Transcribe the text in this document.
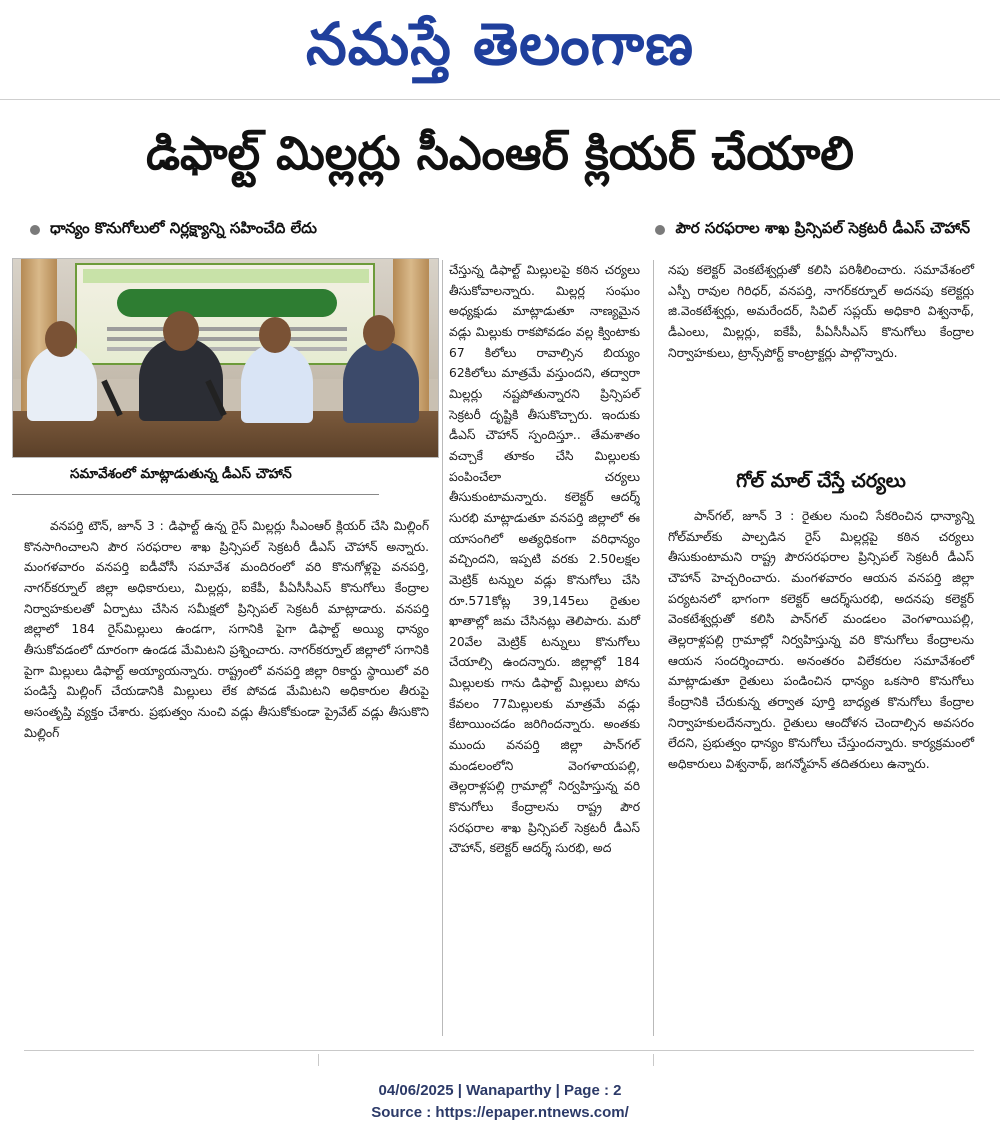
నమస్తే తెలంగాణ
డిఫాల్ట్ మిల్లర్లు సీఎంఆర్ క్లియర్ చేయాలి
ధాన్యం కొనుగోలులో నిర్లక్ష్యాన్ని సహించేది లేదు	పౌర సరఫరాల శాఖ ప్రిన్సిపల్ సెక్రటరీ డీఎస్ చౌహాన్
సమావేశంలో మాట్లాడుతున్న డీఎస్ చౌహాన్

వనపర్తి టౌన్, జూన్ 3 : డిఫాల్ట్ ఉన్న రైస్ మిల్లర్లు సీఎంఆర్ క్లియర్ చేసి మిల్లింగ్ కొనసాగించాలని పౌర సరఫరాల శాఖ ప్రిన్సిపల్ సెక్రటరీ డీఎస్ చౌహాన్ అన్నారు. మంగళవారం వనపర్తి ఐడీవోసీ సమావేశ మందిరంలో వరి కొనుగోళ్లపై వనపర్తి, నాగర్‌కర్నూల్ జిల్లా అధికారులు, మిల్లర్లు, ఐకేపీ, పీఏసీసీఎస్ కొనుగోలు కేంద్రాల నిర్వాహకులతో ఏర్పాటు చేసిన సమీక్షలో ప్రిన్సిపల్ సెక్రటరీ మాట్లాడారు. వనపర్తి జిల్లాలో 184 రైస్‌మిల్లులు ఉండగా, సగానికి పైగా డిఫాల్ట్ అయ్యి ధాన్యం తీసుకోవడంలో దూరంగా ఉండడ మేమిటని ప్రశ్నించారు. నాగర్‌కర్నూల్ జిల్లాలో సగానికి పైగా మిల్లులు డిఫాల్ట్ అయ్యాయన్నారు. రాష్ట్రంలో వనపర్తి జిల్లా రికార్డు స్థాయిలో వరి పండిస్తే మిల్లింగ్ చేయడానికి మిల్లులు లేక పోవడ మేమిటని అధికారుల తీరుపై అసంతృప్తి వ్యక్తం చేశారు. ప్రభుత్వం నుంచి వడ్లు తీసుకోకుండా ప్రైవేట్ వడ్లు తీసుకొని మిల్లింగ్

చేస్తున్న డిఫాల్ట్ మిల్లులపై కఠిన చర్యలు తీసుకోవాలన్నారు. మిల్లర్ల సంఘం అధ్యక్షుడు మాట్లాడుతూ నాణ్యమైన వడ్లు మిల్లుకు రాకపోవడం వల్ల క్వింటాకు 67 కిలోలు రావాల్సిన బియ్యం 62కిలోలు మాత్రమే వస్తుందని, తద్వారా మిల్లర్లు నష్టపోతున్నారని ప్రిన్సిపల్ సెక్రటరీ దృష్టికి తీసుకొచ్చారు. ఇందుకు డీఎస్ చౌహాన్ స్పందిస్తూ.. తేమశాతం వచ్చాకే తూకం చేసి మిల్లులకు పంపించేలా చర్యలు తీసుకుంటామన్నారు. కలెక్టర్ ఆదర్శ్ సురభి మాట్లాడుతూ వనపర్తి జిల్లాలో ఈ యాసంగిలో అత్యధికంగా వరిధాన్యం వచ్చిందని, ఇప్పటి వరకు 2.50లక్షల మెట్రిక్ టన్నుల వడ్లు కొనుగోలు చేసి రూ.571కోట్ల 39,145లు రైతుల ఖాతాల్లో జమ చేసినట్లు తెలిపారు. మరో 20వేల మెట్రిక్ టన్నులు కొనుగోలు చేయాల్సి ఉందన్నారు. జిల్లాల్లో 184 మిల్లులకు గాను డిఫాల్ట్ మిల్లులు పోను కేవలం 77మిల్లులకు మాత్రమే వడ్లు కేటాయించడం జరిగిందన్నారు. అంతకు ముందు వనపర్తి జిల్లా పాన్‌గల్ మండలంలోని వెంగళాయపల్లి, తెల్లరాళ్లపల్లి గ్రామాల్లో నిర్వహిస్తున్న వరి కొనుగోలు కేంద్రాలను రాష్ట్ర పౌర సరఫరాల శాఖ ప్రిన్సిపల్ సెక్రటరీ డీఎస్ చౌహాన్, కలెక్టర్ ఆదర్శ్ సురభి, అద
నపు కలెక్టర్ వెంకటేశ్వర్లుతో కలిసి పరిశీలించారు. సమావేశంలో ఎస్పీ రావుల గిరిధర్, వనపర్తి, నాగర్‌కర్నూల్ అదనపు కలెక్టర్లు జి.వెంకటేశ్వర్లు, అమరేందర్, సివిల్ సప్లయ్ అధికారి విశ్వనాథ్, డీఎంలు, మిల్లర్లు, ఐకేపీ, పీఏసీసీఎస్ కొనుగోలు కేంద్రాల నిర్వాహకులు, ట్రాన్స్‌పోర్ట్ కాంట్రాక్టర్లు పాల్గొన్నారు.
గోల్ మాల్ చేస్తే చర్యలు

పాన్‌గల్, జూన్ 3 : రైతుల నుంచి సేకరించిన ధాన్యాన్ని గోల్‌మాల్‌కు పాల్పడిన రైస్ మిల్లర్లపై కఠిన చర్యలు తీసుకుంటామని రాష్ట్ర పౌరసరఫరాల ప్రిన్సిపల్ సెక్రటరీ డీఎస్ చౌహాన్ హెచ్చరించారు. మంగళవారం ఆయన వనపర్తి జిల్లా పర్యటనలో భాగంగా కలెక్టర్ ఆదర్శ్‌సురభి, అదనపు కలెక్టర్ వెంకటేశ్వర్లుతో కలిసి పాన్‌గల్ మండలం వెంగళాయిపల్లి, తెల్లరాళ్లపల్లి గ్రామాల్లో నిర్వహిస్తున్న వరి కొనుగోలు కేంద్రాలను ఆయన సందర్శించారు. అనంతరం విలేకరుల సమావేశంలో మాట్లాడుతూ రైతులు పండించిన ధాన్యం ఒకసారి కొనుగోలు కేంద్రానికి చేరుకున్న తర్వాత పూర్తి బాధ్యత కొనుగోలు కేంద్రాల నిర్వాహకులదేనన్నారు. రైతులు ఆందోళన చెందాల్సిన అవసరం లేదని, ప్రభుత్వం ధాన్యం కొనుగోలు చేస్తుందన్నారు. కార్యక్రమంలో అధికారులు విశ్వనాథ్, జగన్మోహన్ తదితరులు ఉన్నారు.

04/06/2025 | Wanaparthy | Page : 2
Source : https://epaper.ntnews.com/
